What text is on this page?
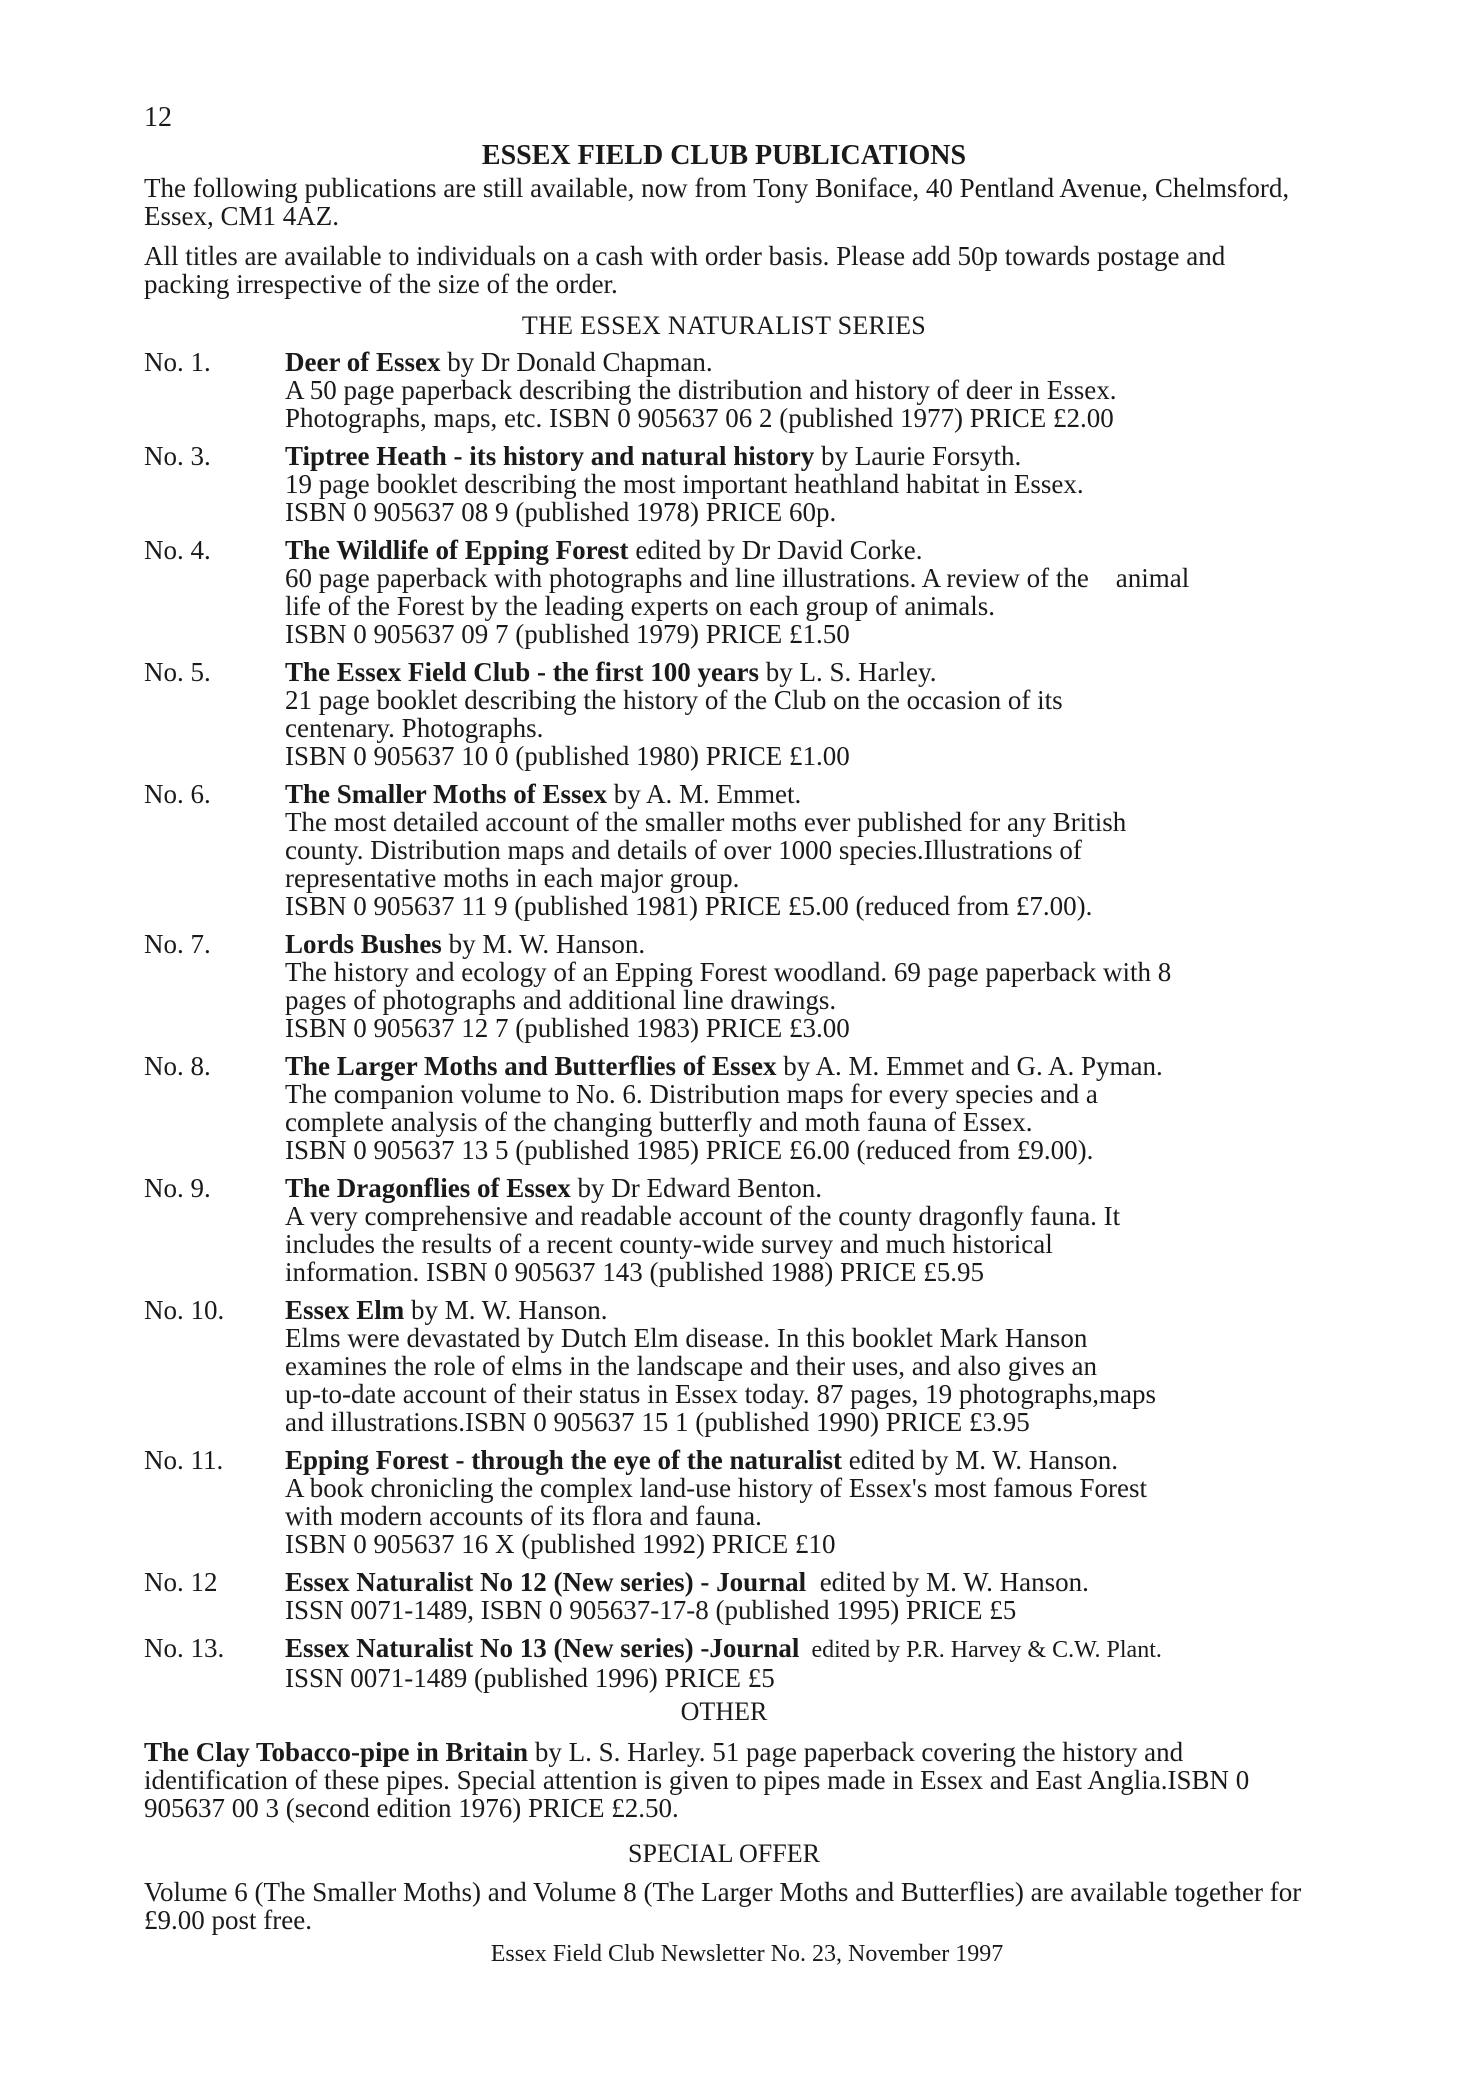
12
ESSEX FIELD CLUB PUBLICATIONS
The following publications are still available, now from Tony Boniface, 40 Pentland Avenue, Chelmsford, Essex, CM1 4AZ.
All titles are available to individuals on a cash with order basis. Please add 50p towards postage and packing irrespective of the size of the order.
THE ESSEX NATURALIST SERIES
No. 1.	Deer of Essex by Dr Donald Chapman.
A 50 page paperback describing the distribution and history of deer in Essex.
Photographs, maps, etc. ISBN 0 905637 06 2 (published 1977) PRICE £2.00
No. 3.	Tiptree Heath - its history and natural history by Laurie Forsyth.
19 page booklet describing the most important heathland habitat in Essex.
ISBN 0 905637 08 9 (published 1978) PRICE 60p.
No. 4.	The Wildlife of Epping Forest edited by Dr David Corke.
60 page paperback with photographs and line illustrations. A review of the    animal
life of the Forest by the leading experts on each group of animals.
ISBN 0 905637 09 7 (published 1979) PRICE £1.50
No. 5.	The Essex Field Club - the first 100 years by L. S. Harley.
21 page booklet describing the history of the Club on the occasion of its
centenary. Photographs.
ISBN 0 905637 10 0 (published 1980) PRICE £1.00
No. 6.	The Smaller Moths of Essex by A. M. Emmet.
The most detailed account of the smaller moths ever published for any British
county. Distribution maps and details of over 1000 species.Illustrations of
representative moths in each major group.
ISBN 0 905637 11 9 (published 1981) PRICE £5.00 (reduced from £7.00).
No. 7.	Lords Bushes by M. W. Hanson.
The history and ecology of an Epping Forest woodland. 69 page paperback with 8
pages of photographs and additional line drawings.
ISBN 0 905637 12 7 (published 1983) PRICE £3.00
No. 8.	The Larger Moths and Butterflies of Essex by A. M. Emmet and G. A. Pyman.
The companion volume to No. 6. Distribution maps for every species and a
complete analysis of the changing butterfly and moth fauna of Essex.
ISBN 0 905637 13 5 (published 1985) PRICE £6.00 (reduced from £9.00).
No. 9.	The Dragonflies of Essex by Dr Edward Benton.
A very comprehensive and readable account of the county dragonfly fauna. It
includes the results of a recent county-wide survey and much historical
information. ISBN 0 905637 143 (published 1988) PRICE £5.95
No. 10.	Essex Elm by M. W. Hanson.
Elms were devastated by Dutch Elm disease. In this booklet Mark Hanson
examines the role of elms in the landscape and their uses, and also gives an
up-to-date account of their status in Essex today. 87 pages, 19 photographs,maps
and illustrations.ISBN 0 905637 15 1 (published 1990) PRICE £3.95
No. 11.	Epping Forest - through the eye of the naturalist edited by M. W. Hanson.
A book chronicling the complex land-use history of Essex's most famous Forest
with modern accounts of its flora and fauna.
ISBN 0 905637 16 X (published 1992) PRICE £10
No. 12	Essex Naturalist No 12 (New series) - Journal  edited by M. W. Hanson.
ISSN 0071-1489, ISBN 0 905637-17-8 (published 1995) PRICE £5
No. 13.	Essex Naturalist No 13 (New series) -Journal  edited by P.R. Harvey & C.W. Plant.
ISSN 0071-1489 (published 1996) PRICE £5
OTHER
The Clay Tobacco-pipe in Britain by L. S. Harley. 51 page paperback covering the history and identification of these pipes. Special attention is given to pipes made in Essex and East Anglia.ISBN 0 905637 00 3 (second edition 1976) PRICE £2.50.
SPECIAL OFFER
Volume 6 (The Smaller Moths) and Volume 8 (The Larger Moths and Butterflies) are available together for £9.00 post free.
Essex Field Club Newsletter No. 23, November 1997
